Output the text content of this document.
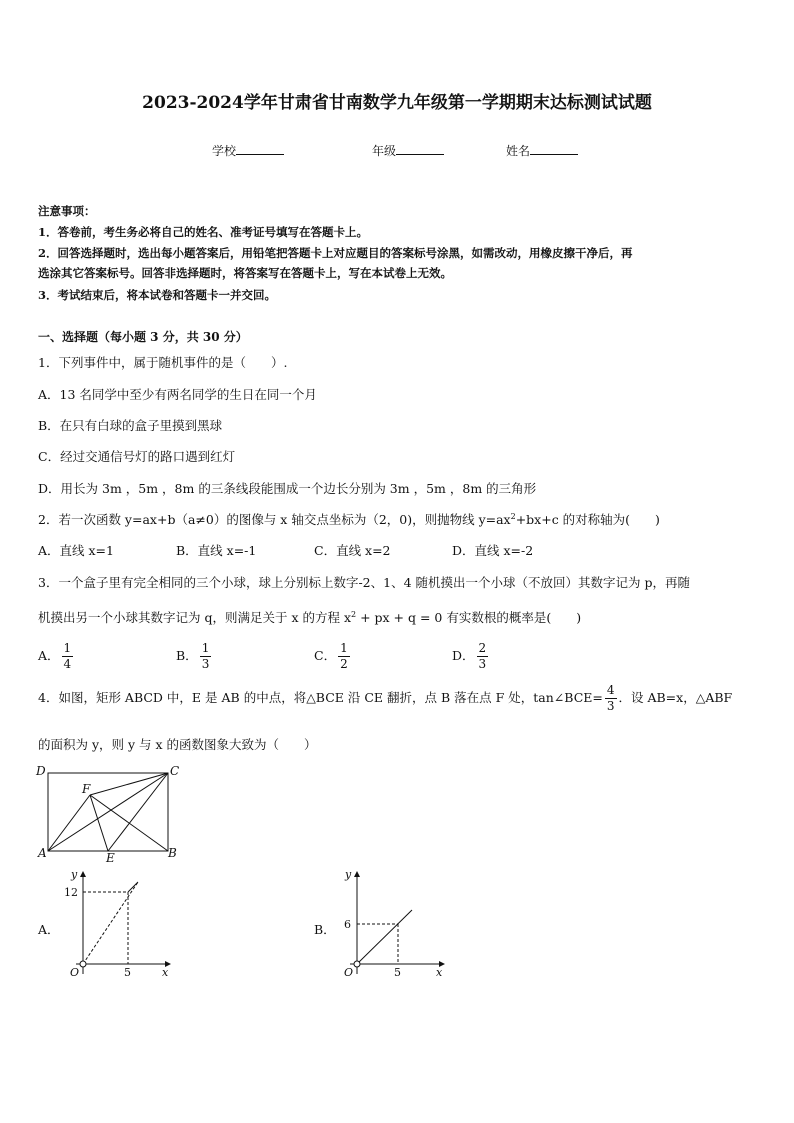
2023-2024学年甘肃省甘南数学九年级第一学期期末达标测试试题
学校	年级	姓名
注意事项：
1．答卷前，考生务必将自己的姓名、准考证号填写在答题卡上。
2．回答选择题时，选出每小题答案后，用铅笔把答题卡上对应题目的答案标号涂黑，如需改动，用橡皮擦干净后，再
选涂其它答案标号。回答非选择题时，将答案写在答题卡上，写在本试卷上无效。
3．考试结束后，将本试卷和答题卡一并交回。
一、选择题（每小题 3 分，共 30 分）
1．下列事件中，属于随机事件的是（　　）.
A．13 名同学中至少有两名同学的生日在同一个月
B．在只有白球的盒子里摸到黑球
C．经过交通信号灯的路口遇到红灯
D．用长为 3m ，5m ，8m 的三条线段能围成一个边长分别为 3m ，5m ，8m 的三角形
2．若一次函数 y=ax+b（a≠0）的图像与 x 轴交点坐标为（2，0)，则抛物线 $y=ax^2+bx+c$ 的对称轴为(　　)
A．直线 x=1	B．直线 x=-1	C．直线 x=2	D．直线 x=-2
3．一个盒子里有完全相同的三个小球，球上分别标上数字-2、1、4 随机摸出一个小球（不放回）其数字记为 p，再随
机摸出另一个小球其数字记为 q，则满足关于 x 的方程 $x^2$ + px + q = 0 有实数根的概率是(　　)
A． $\frac{1}{4}$	B． $\frac{1}{3}$	C． $\frac{1}{2}$	D． $\frac{2}{3}$
4．如图，矩形 ABCD 中，E 是 AB 的中点，将△BCE 沿 CE 翻折，点 B 落在点 F 处，tan∠BCE= $\frac{4}{3}$ ．设 AB=x，△ABF
的面积为 y，则 y 与 x 的函数图象大致为（　　）
D	C
F
A	E	B
A．
y
x
O
12
5
B．
y
x
O
6
5
